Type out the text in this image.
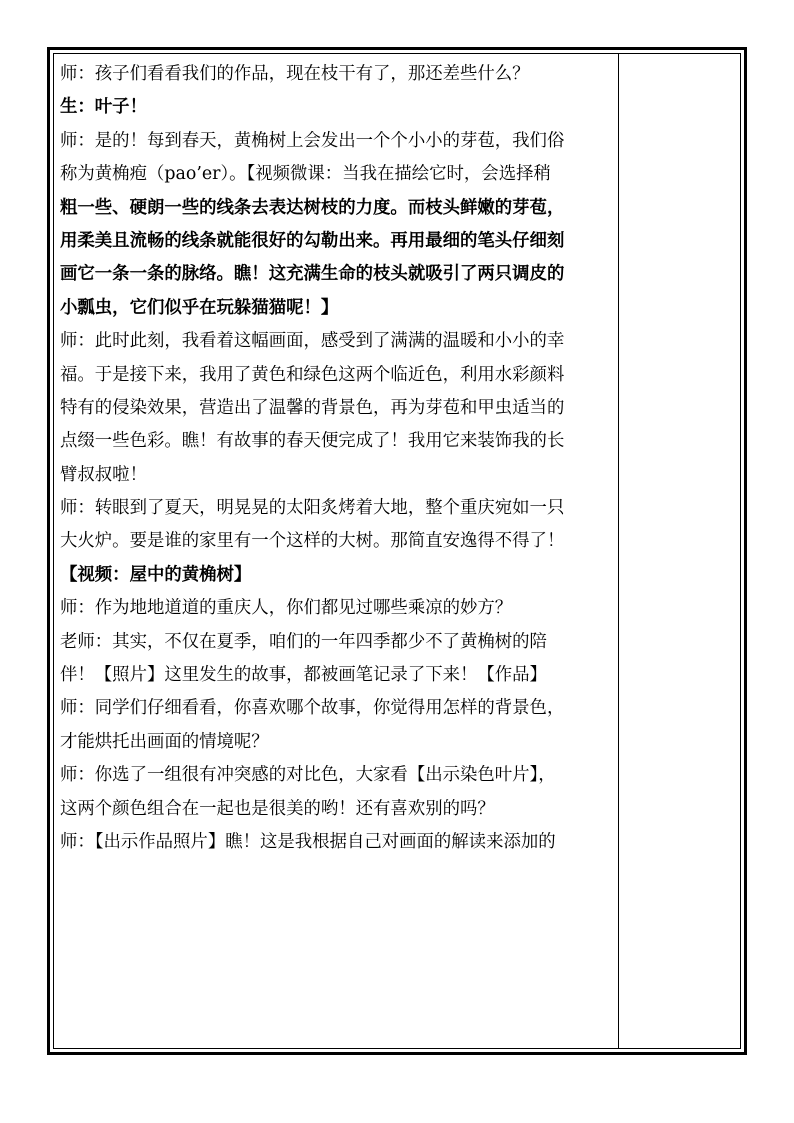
师：孩子们看看我们的作品，现在枝干有了，那还差些什么？
生：叶子！
师：是的！每到春天，黄桷树上会发出一个个小小的芽苞，我们俗
称为黄桷疱（pao’er）。【视频微课：当我在描绘它时，会选择稍
粗一些、硬朗一些的线条去表达树枝的力度。而枝头鲜嫩的芽苞，
用柔美且流畅的线条就能很好的勾勒出来。再用最细的笔头仔细刻
画它一条一条的脉络。瞧！这充满生命的枝头就吸引了两只调皮的
小瓢虫，它们似乎在玩躲猫猫呢！】
师：此时此刻，我看着这幅画面，感受到了满满的温暖和小小的幸
福。于是接下来，我用了黄色和绿色这两个临近色，利用水彩颜料
特有的侵染效果，营造出了温馨的背景色，再为芽苞和甲虫适当的
点缀一些色彩。瞧！有故事的春天便完成了！我用它来装饰我的长
臂叔叔啦！
师：转眼到了夏天，明晃晃的太阳炙烤着大地，整个重庆宛如一只
大火炉。要是谁的家里有一个这样的大树。那简直安逸得不得了！
【视频：屋中的黄桷树】
师：作为地地道道的重庆人，你们都见过哪些乘凉的妙方？
老师：其实，不仅在夏季，咱们的一年四季都少不了黄桷树的陪
伴！【照片】这里发生的故事，都被画笔记录了下来！【作品】
师：同学们仔细看看，你喜欢哪个故事，你觉得用怎样的背景色，
才能烘托出画面的情境呢？
师：你选了一组很有冲突感的对比色，大家看【出示染色叶片】，
这两个颜色组合在一起也是很美的哟！还有喜欢别的吗？
师：【出示作品照片】瞧！这是我根据自己对画面的解读来添加的
